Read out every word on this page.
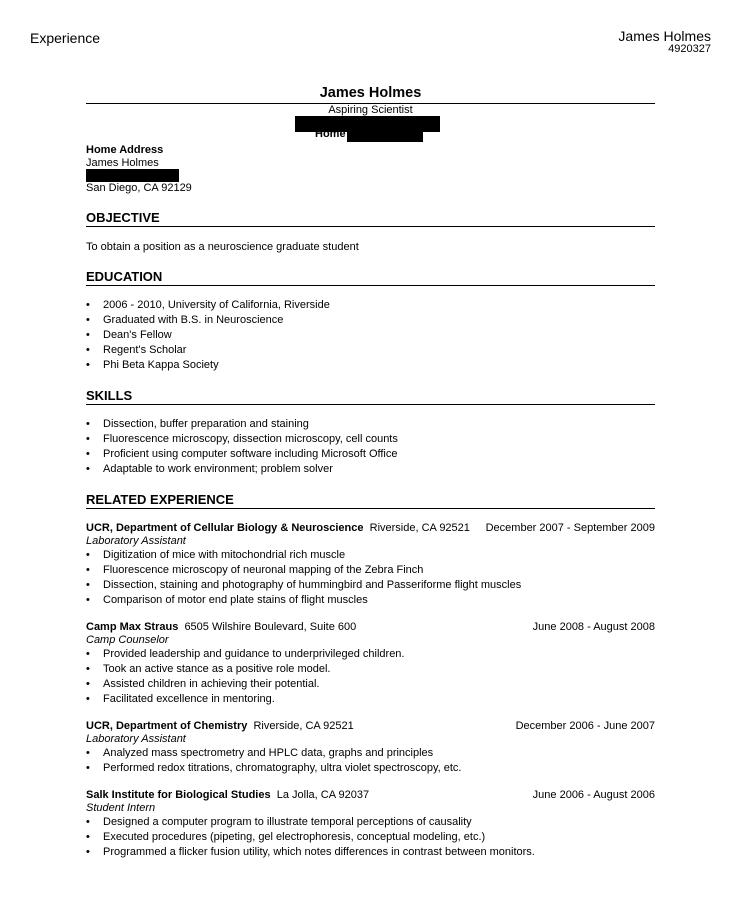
Experience	James Holmes
4920327
James Holmes
Aspiring Scientist
Home
Home Address
James Holmes
San Diego, CA 92129
OBJECTIVE
To obtain a position as a neuroscience graduate student
EDUCATION
• 2006 - 2010, University of California, Riverside
• Graduated with B.S. in Neuroscience
• Dean's Fellow
• Regent's Scholar
• Phi Beta Kappa Society
SKILLS
• Dissection, buffer preparation and staining
• Fluorescence microscopy, dissection microscopy, cell counts
• Proficient using computer software including Microsoft Office
• Adaptable to work environment; problem solver
RELATED EXPERIENCE
UCR, Department of Cellular Biology & Neuroscience Riverside, CA 92521 December 2007 - September 2009
Laboratory Assistant
• Digitization of mice with mitochondrial rich muscle
• Fluorescence microscopy of neuronal mapping of the Zebra Finch
• Dissection, staining and photography of hummingbird and Passeriforme flight muscles
• Comparison of motor end plate stains of flight muscles
Camp Max Straus 6505 Wilshire Boulevard, Suite 600	June 2008 - August 2008
Camp Counselor
• Provided leadership and guidance to underprivileged children.
• Took an active stance as a positive role model.
• Assisted children in achieving their potential.
• Facilitated excellence in mentoring.
UCR, Department of Chemistry Riverside, CA 92521	December 2006 - June 2007
Laboratory Assistant
• Analyzed mass spectrometry and HPLC data, graphs and principles
• Performed redox titrations, chromatography, ultra violet spectroscopy, etc.
Salk Institute for Biological Studies La Jolla, CA 92037	June 2006 - August 2006
Student Intern
• Designed a computer program to illustrate temporal perceptions of causality
• Executed procedures (pipeting, gel electrophoresis, conceptual modeling, etc.)
• Programmed a flicker fusion utility, which notes differences in contrast between monitors.
